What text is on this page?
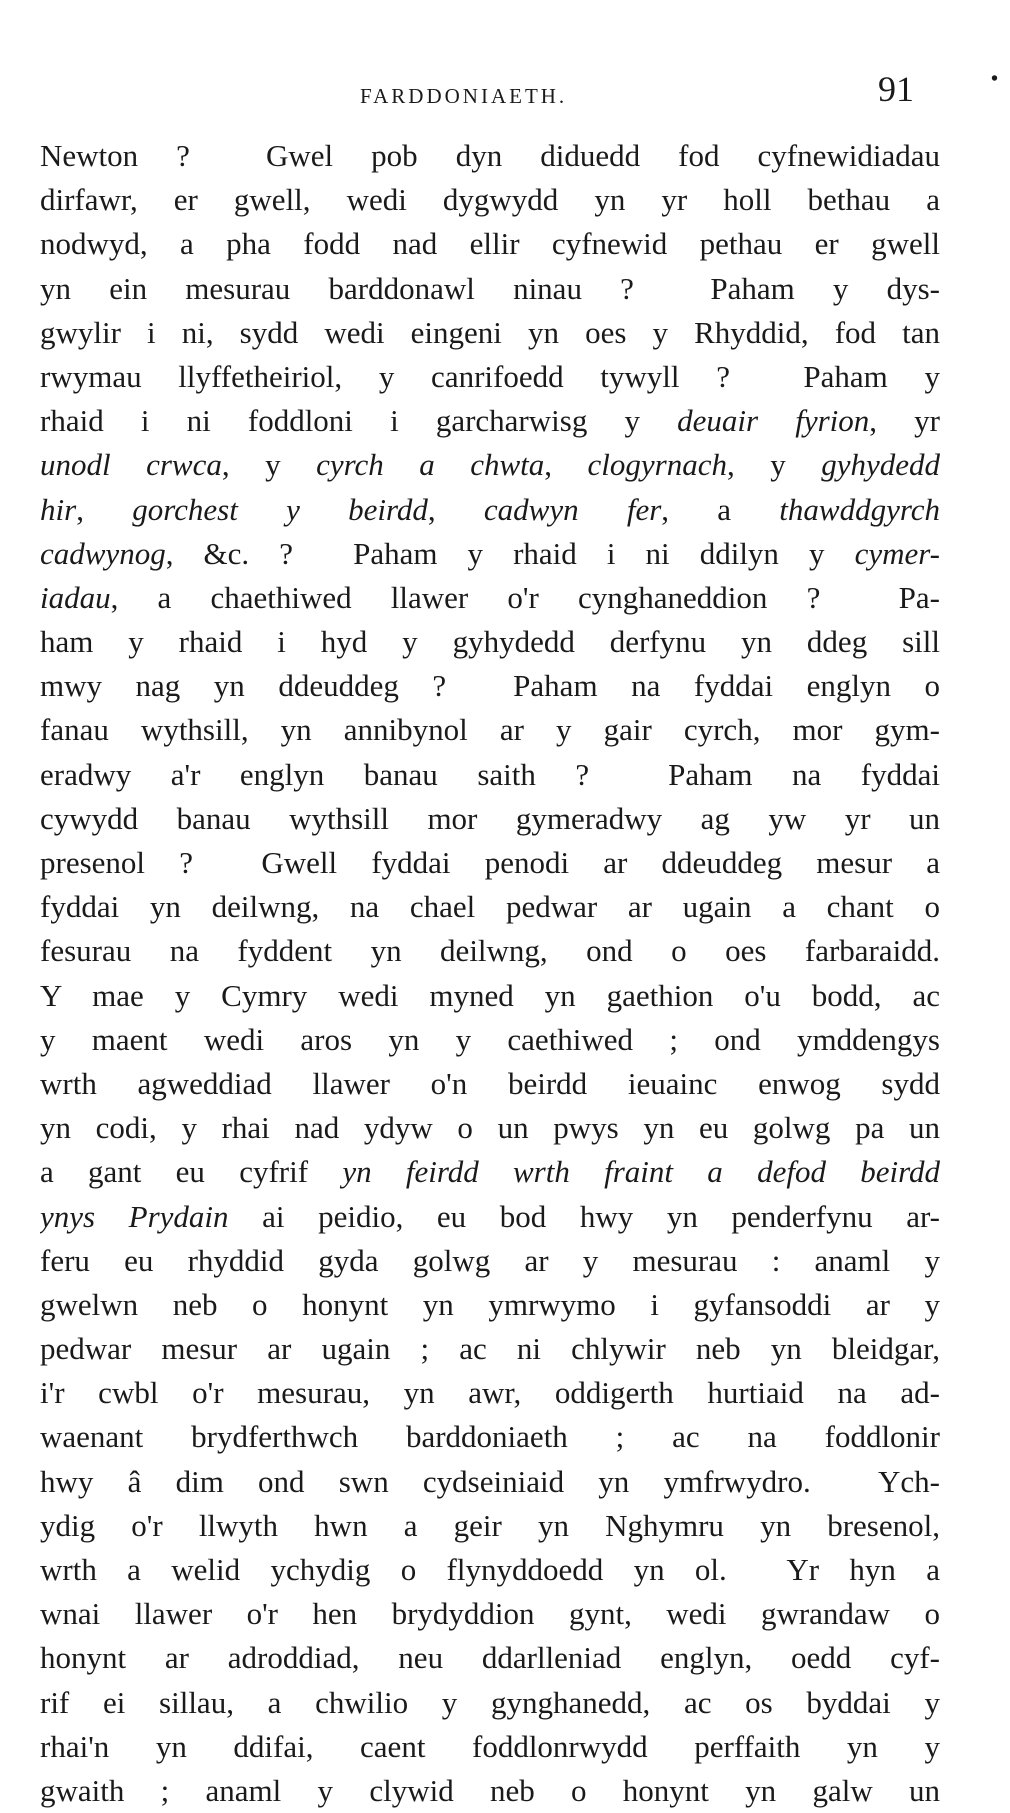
FARDDONIAETH.	91	•
Newton ?  Gwel pob dyn diduedd fod cyfnewidiadau
dirfawr, er gwell, wedi dygwydd yn yr holl bethau a
nodwyd, a pha fodd nad ellir cyfnewid pethau er gwell
yn ein mesurau barddonawl ninau ?  Paham y dys-
gwylir i ni, sydd wedi eingeni yn oes y Rhyddid, fod tan
rwymau llyffetheiriol, y canrifoedd tywyll ?  Paham y
rhaid i ni foddloni i garcharwisg y deuair fyrion, yr
unodl crwca, y cyrch a chwta, clogyrnach, y gyhydedd
hir, gorchest y beirdd, cadwyn fer, a thawddgyrch
cadwynog, &c. ?  Paham y rhaid i ni ddilyn y cymer-
iadau, a chaethiwed llawer o'r cynghaneddion ?  Pa-
ham y rhaid i hyd y gyhydedd derfynu yn ddeg sill
mwy nag yn ddeuddeg ?  Paham na fyddai englyn o
fanau wythsill, yn annibynol ar y gair cyrch, mor gym-
eradwy a'r englyn banau saith ?  Paham na fyddai
cywydd banau wythsill mor gymeradwy ag yw yr un
presenol ?  Gwell fyddai penodi ar ddeuddeg mesur a
fyddai yn deilwng, na chael pedwar ar ugain a chant o
fesurau na fyddent yn deilwng, ond o oes farbaraidd.
Y mae y Cymry wedi myned yn gaethion o'u bodd, ac
y maent wedi aros yn y caethiwed ; ond ymddengys
wrth agweddiad llawer o'n beirdd ieuainc enwog sydd
yn codi, y rhai nad ydyw o un pwys yn eu golwg pa un
a gant eu cyfrif yn feirdd wrth fraint a defod beirdd
ynys Prydain ai peidio, eu bod hwy yn penderfynu ar-
feru eu rhyddid gyda golwg ar y mesurau : anaml y
gwelwn neb o honynt yn ymrwymo i gyfansoddi ar y
pedwar mesur ar ugain ; ac ni chlywir neb yn bleidgar,
i'r cwbl o'r mesurau, yn awr, oddigerth hurtiaid na ad-
waenant brydferthwch barddoniaeth ; ac na foddlonir
hwy â dim ond swn cydseiniaid yn ymfrwydro.  Ych-
ydig o'r llwyth hwn a geir yn Nghymru yn bresenol,
wrth a welid ychydig o flynyddoedd yn ol.  Yr hyn a
wnai llawer o'r hen brydyddion gynt, wedi gwrandaw o
honynt ar adroddiad, neu ddarlleniad englyn, oedd cyf-
rif ei sillau, a chwilio y gynghanedd, ac os byddai y
rhai'n yn ddifai, caent foddlonrwydd perffaith yn y
gwaith ; anaml y clywid neb o honynt yn galw un
